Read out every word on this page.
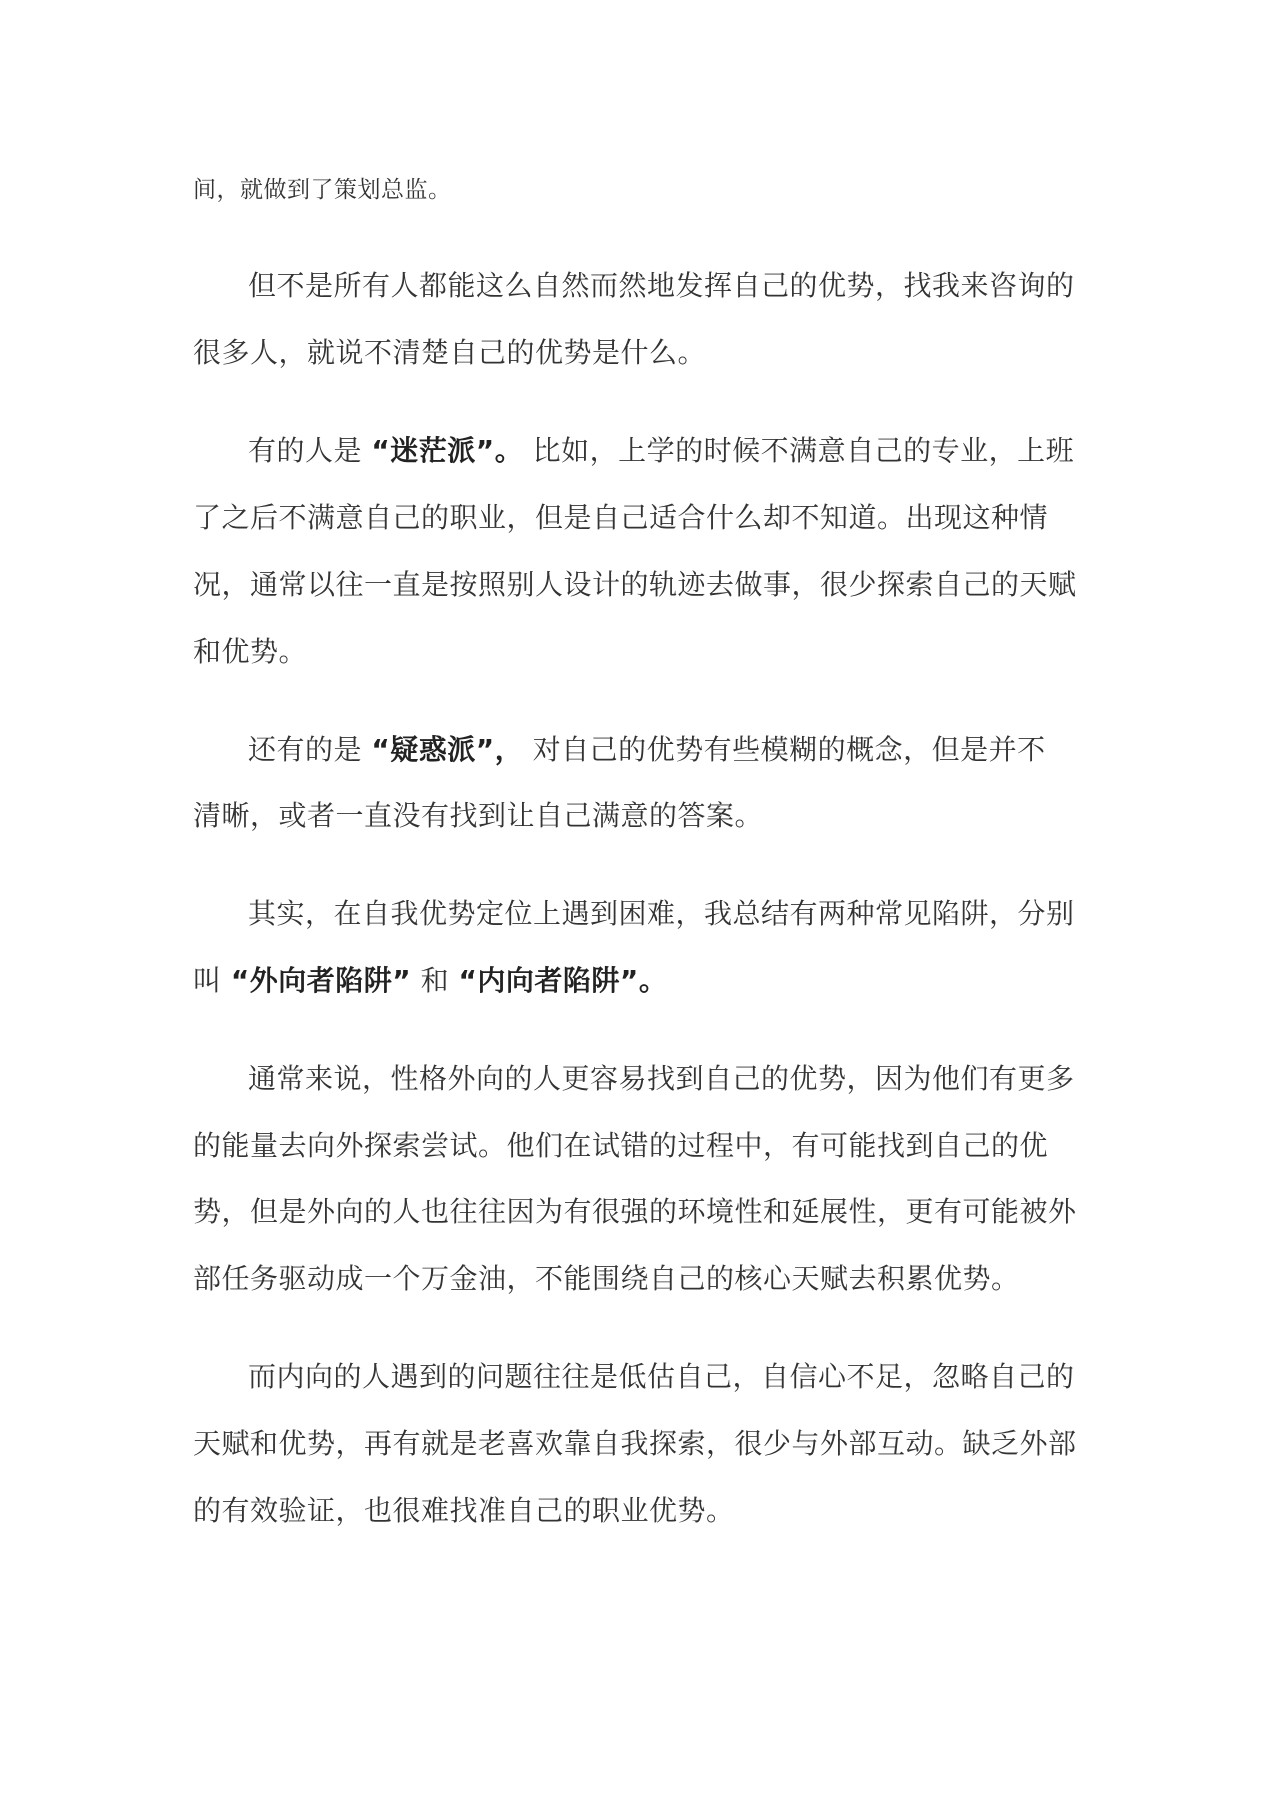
间，就做到了策划总监。
但不是所有人都能这么自然而然地发挥自己的优势，找我来咨询的
很多人，就说不清楚自己的优势是什么。
有的人是 “迷茫派”。 比如，上学的时候不满意自己的专业，上班
了之后不满意自己的职业，但是自己适合什么却不知道。出现这种情
况，通常以往一直是按照别人设计的轨迹去做事，很少探索自己的天赋
和优势。
还有的是 “疑惑派”， 对自己的优势有些模糊的概念，但是并不
清晰，或者一直没有找到让自己满意的答案。
其实，在自我优势定位上遇到困难，我总结有两种常见陷阱，分别
叫 “外向者陷阱” 和 “内向者陷阱”。
通常来说，性格外向的人更容易找到自己的优势，因为他们有更多
的能量去向外探索尝试。他们在试错的过程中，有可能找到自己的优
势，但是外向的人也往往因为有很强的环境性和延展性，更有可能被外
部任务驱动成一个万金油，不能围绕自己的核心天赋去积累优势。
而内向的人遇到的问题往往是低估自己，自信心不足，忽略自己的
天赋和优势，再有就是老喜欢靠自我探索，很少与外部互动。缺乏外部
的有效验证，也很难找准自己的职业优势。
